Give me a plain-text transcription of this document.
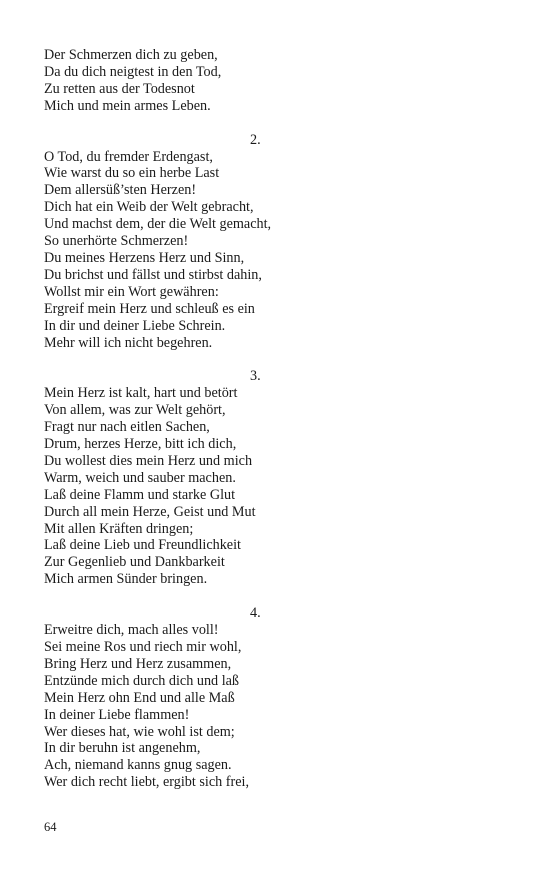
Der Schmerzen dich zu geben,
Da du dich neigtest in den Tod,
Zu retten aus der Todesnot
Mich und mein armes Leben.
2.
O Tod, du fremder Erdengast,
Wie warst du so ein herbe Last
Dem allersüß’sten Herzen!
Dich hat ein Weib der Welt gebracht,
Und machst dem, der die Welt gemacht,
So unerhörte Schmerzen!
Du meines Herzens Herz und Sinn,
Du brichst und fällst und stirbst dahin,
Wollst mir ein Wort gewähren:
Ergreif mein Herz und schleuß es ein
In dir und deiner Liebe Schrein.
Mehr will ich nicht begehren.
3.
Mein Herz ist kalt, hart und betört
Von allem, was zur Welt gehört,
Fragt nur nach eitlen Sachen,
Drum, herzes Herze, bitt ich dich,
Du wollest dies mein Herz und mich
Warm, weich und sauber machen.
Laß deine Flamm und starke Glut
Durch all mein Herze, Geist und Mut
Mit allen Kräften dringen;
Laß deine Lieb und Freundlichkeit
Zur Gegenlieb und Dankbarkeit
Mich armen Sünder bringen.
4.
Erweitre dich, mach alles voll!
Sei meine Ros und riech mir wohl,
Bring Herz und Herz zusammen,
Entzünde mich durch dich und laß
Mein Herz ohn End und alle Maß
In deiner Liebe flammen!
Wer dieses hat, wie wohl ist dem;
In dir beruhn ist angenehm,
Ach, niemand kanns gnug sagen.
Wer dich recht liebt, ergibt sich frei,
64
